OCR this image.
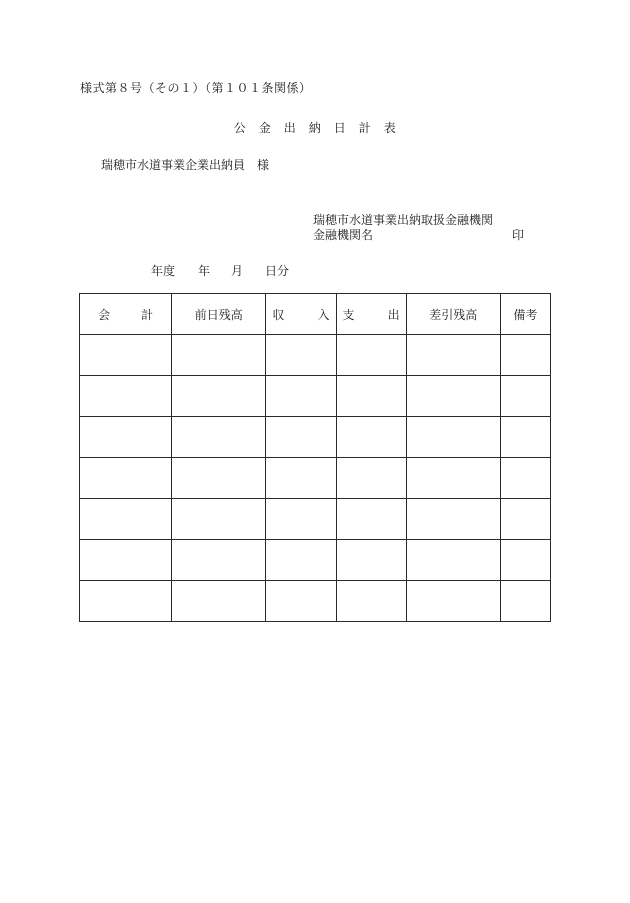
様式第８号（その１）（第１０１条関係）
公　金　出　納　日　計　表
瑞穂市水道事業企業出納員　様
瑞穂市水道事業出納取扱金融機関
金融機関名	印
年度 年 月 日分
会 計	前日残高	収 入	支 出	差引残高	備考
